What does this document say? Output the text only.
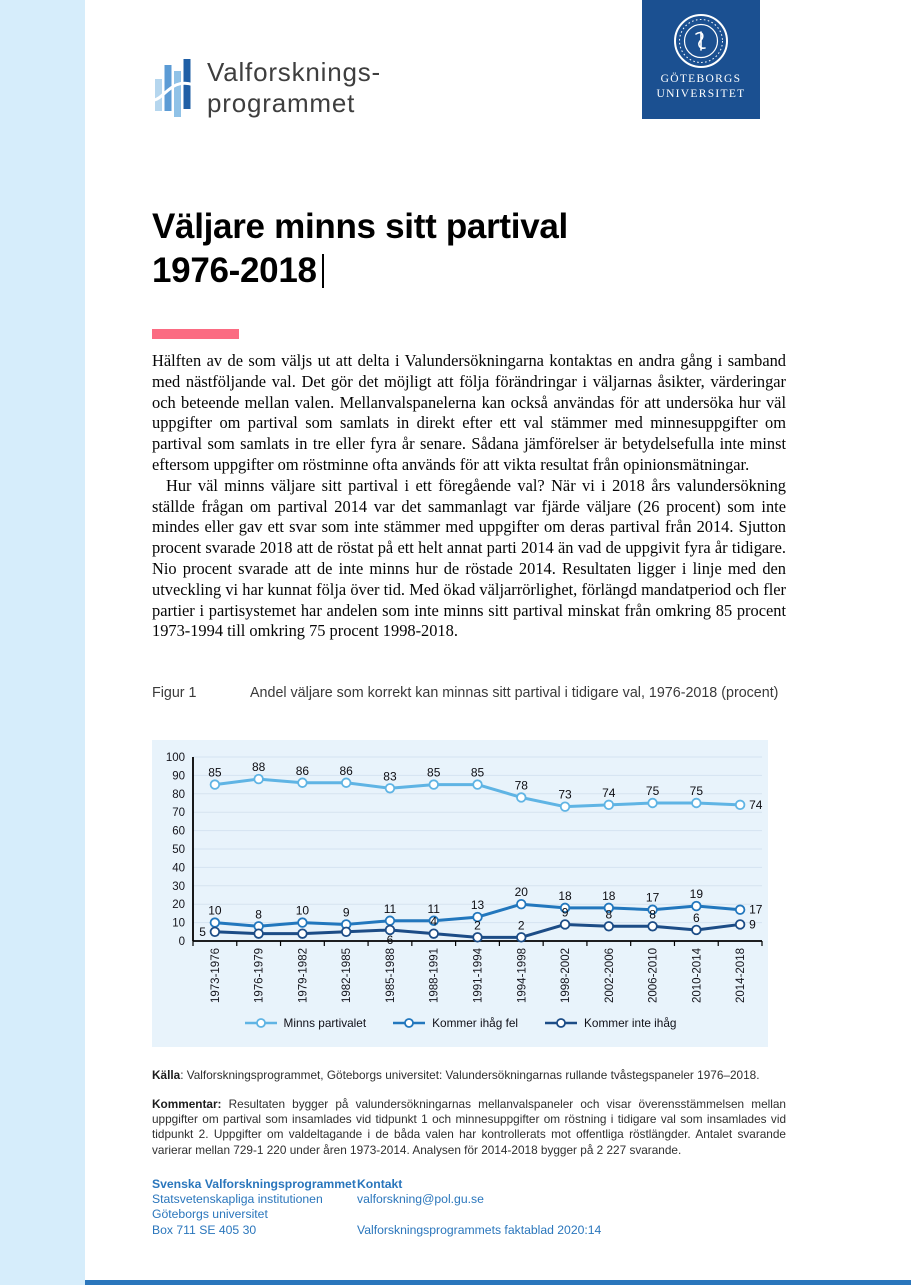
Valforsknings-
programmet
GÖTEBORGS
UNIVERSITET
Väljare minns sitt partival
1976-2018

Hälften av de som väljs ut att delta i Valundersökningarna kontaktas en andra gång i samband med nästföljande val. Det gör det möjligt att följa förändringar i väljarnas åsikter, värderingar och beteende mellan valen. Mellanvalspanelerna kan också användas för att undersöka hur väl uppgifter om partival som samlats in direkt efter ett val stämmer med minnesuppgifter om partival som samlats in tre eller fyra år senare. Sådana jämförelser är betydelsefulla inte minst eftersom uppgifter om röstminne ofta används för att vikta resultat från opinionsmätningar.

Hur väl minns väljare sitt partival i ett föregående val? När vi i 2018 års valundersökning ställde frågan om partival 2014 var det sammanlagt var fjärde väljare (26 procent) som inte mindes eller gav ett svar som inte stämmer med uppgifter om deras partival från 2014. Sjutton procent svarade 2018 att de röstat på ett helt annat parti 2014 än vad de uppgivit fyra år tidigare. Nio procent svarade att de inte minns hur de röstade 2014. Resultaten ligger i linje med den utveckling vi har kunnat följa över tid. Med ökad väljarrörlighet, förlängd mandatperiod och fler partier i partisystemet har andelen som inte minns sitt partival minskat från omkring 85 procent 1973-1994 till omkring 75 procent 1998-2018.

Figur 1	Andel väljare som korrekt kan minnas sitt partival i tidigare val, 1976-2018 (procent)
0
10
20
30
40
50
60
70
80
90
100
1973-1976	1976-1979	1979-1982	1982-1985	1985-1988	1988-1991	1991-1994	1994-1998	1998-2002	2002-2006	2006-2010	2010-2014	2014-2018
85	88	86	86	83	85	85
78
73	74	75	75
74
10	8	10	9	11	11	13
20	18	18	17	19
17
5
6
4	2	2
9	8	8	6	9
Minns partivalet	Kommer ihåg fel	Kommer inte ihåg

Källa: Valforskningsprogrammet, Göteborgs universitet: Valundersökningarnas rullande tvåstegspaneler 1976–2018.

Kommentar: Resultaten bygger på valundersökningarnas mellanvalspaneler och visar överensstämmelsen mellan uppgifter om partival som insamlades vid tidpunkt 1 och minnesuppgifter om röstning i tidigare val som insamlades vid tidpunkt 2. Uppgifter om valdeltagande i de båda valen har kontrollerats mot offentliga röstlängder. Antalet svarande varierar mellan 729-1 220 under åren 1973-2014. Analysen för 2014-2018 bygger på 2 227 svarande.

Svenska Valforskningsprogrammet
Statsvetenskapliga institutionen
Göteborgs universitet
Box 711 SE 405 30
Kontakt
valforskning@pol.gu.se
Valforskningsprogrammets faktablad 2020:14
